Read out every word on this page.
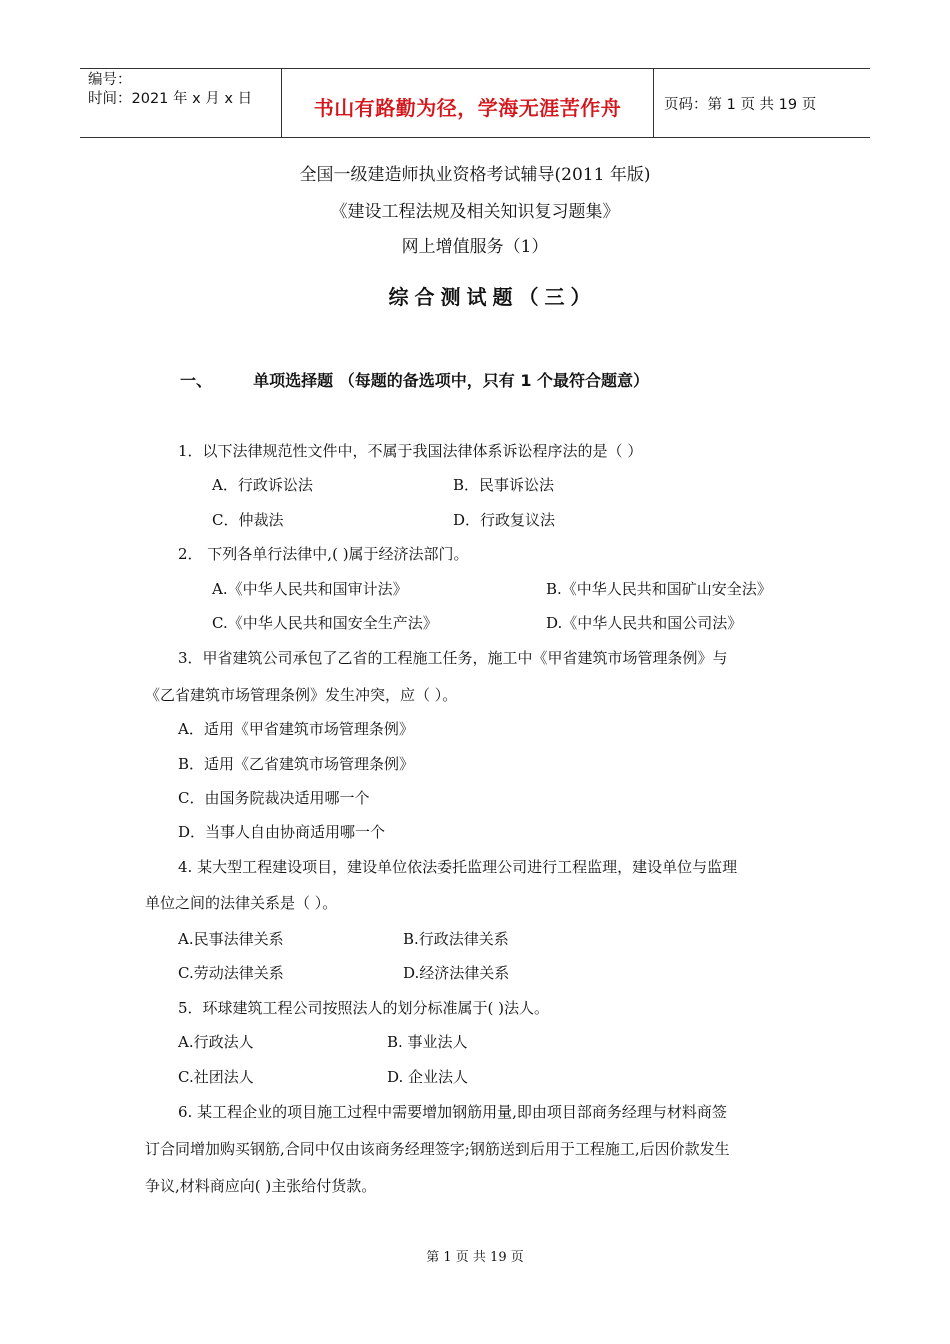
编号：
时间：2021 年 x 月 x 日	书山有路勤为径，学海无涯苦作舟	页码：第 1 页 共 19 页
全国一级建造师执业资格考试辅导(2011 年版)
《建设工程法规及相关知识复习题集》
网上增值服务（1）
综合测试题（三）
一、	单项选择题 （每题的备选项中，只有 1 个最符合题意）
1．以下法律规范性文件中，不属于我国法律体系诉讼程序法的是（ ）
A．行政诉讼法	B．民事诉讼法
C．仲裁法	D．行政复议法
2． 下列各单行法律中,( )属于经济法部门。
A.《中华人民共和国审计法》	B.《中华人民共和国矿山安全法》
C.《中华人民共和国安全生产法》	D.《中华人民共和国公司法》
3．甲省建筑公司承包了乙省的工程施工任务，施工中《甲省建筑市场管理条例》与
《乙省建筑市场管理条例》发生冲突，应（ ）。
A．适用《甲省建筑市场管理条例》
B．适用《乙省建筑市场管理条例》
C．由国务院裁决适用哪一个
D．当事人自由协商适用哪一个
4. 某大型工程建设项目，建设单位依法委托监理公司进行工程监理，建设单位与监理
单位之间的法律关系是（ ）。
A.民事法律关系	B.行政法律关系
C.劳动法律关系	D.经济法律关系
5．环球建筑工程公司按照法人的划分标准属于( )法人。
A.行政法人	B. 事业法人
C.社团法人	D. 企业法人
6. 某工程企业的项目施工过程中需要增加钢筋用量,即由项目部商务经理与材料商签
订合同增加购买钢筋,合同中仅由该商务经理签字;钢筋送到后用于工程施工,后因价款发生
争议,材料商应向( )主张给付货款。
第 1 页 共 19 页
